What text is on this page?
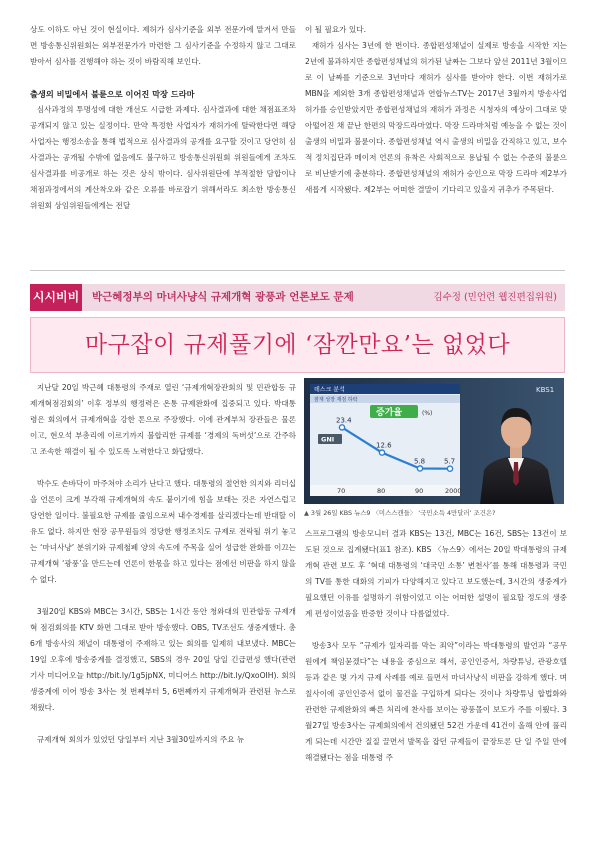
상도 이하도 아닌 것이 현실이다. 제허가 심사기준을 외부 전문가에 맡겨서 만들면 방송통신위원회는 외부전문가가 마련한 그 심사기준을 수정하지 않고 그대로 받아서 심사를 진행해야 하는 것이 바람직해 보인다.

출생의 비밀에서 불륜으로 이어진 막장 드라마

심사과정의 투명성에 대한 개선도 시급한 과제다. 심사결과에 대한 채점표조차 공개되지 않고 있는 실정이다. 만약 특정한 사업자가 재허가에 탈락한다면 해당 사업자는 행정소송을 통해 법적으로 심사결과의 공개를 요구할 것이고 당연히 심사결과는 공개될 수밖에 없음에도 불구하고 방송통신위원회 위원들에게 조차도 심사결과를 비공개로 하는 것은 상식 밖이다. 심사위원단에 부적절한 담합이나 채점과정에서의 계산착오와 같은 오류를 바로잡기 위해서라도 최소한 방송통신위원회 상임위원들에게는 전달

이 될 필요가 있다.

재허가 심사는 3년에 한 번이다. 종합편성채널이 실제로 방송을 시작한 지는 2년에 불과하지만 종합편성채널의 허가된 날짜는 그보다 앞선 2011년 3월이므로 이 날짜를 기준으로 3년마다 재허가 심사를 받아야 한다. 이번 재허가로 MBN을 제외한 3개 종합편성채널과 연합뉴스TV는 2017년 3월까지 방송사업 허가를 승인받았지만 종합편성채널의 재허가 과정은 시청자의 예상이 그대로 맞아떨어진 채 끝난 한편의 막장드라마였다. 막장 드라마처럼 예능을 수 없는 것이 출생의 비밀과 불륜이다. 종합편성채널 역시 출생의 비밀을 간직하고 있고, 보수적 정치집단과 메이저 언론의 유착은 사회적으로 용납될 수 없는 수준의 불륜으로 비난받기에 충분하다. 종합편성채널의 재허가 승인으로 막장 드라마 제2부가 새롭게 시작됐다. 제2부는 어떠한 결말이 기다리고 있을지 귀추가 주목된다.

시시비비 박근혜정부의 마녀사냥식 규제개혁 광풍과 언론보도 문제	김수정 (민언련 웹진편집위원)
마구잡이 규제풀기에 ‘잠깐만요’는 없었다

지난달 20일 박근혜 대통령의 주재로 열린 ‘규제개혁장관회의 및 민관합동 규제개혁점검회의’ 이후 정부의 행정력은 온통 규제완화에 집중되고 있다. 박대통령은 회의에서 규제개혁을 강한 톤으로 주장했다. 이에 관계부처 장관들은 물론이고, 현오석 부총리에 이르기까지 불합리한 규제를 ‘경제의 독버섯’으로 간주하고 조속한 해결이 될 수 있도록 노력한다고 화답했다.

박수도 손바닥이 마주쳐야 소리가 난다고 했다. 대통령의 절연한 의지와 리더십을 언론이 크게 부각해 규제개혁의 속도 붙이기에 힘을 보태는 것은 자연스럽고 당연한 일이다. 불필요한 규제를 줄임으로써 내수경제를 살리겠다는데 반대할 이유도 없다. 하지만 현장 공무원들의 정당한 행정조치도 규제로 전락될 위기 놓고는 ‘마녀사냥’ 분위기와 규제철폐 양의 속도에 주목을 실어 성급한 완화를 이끄는 규제개혁 ‘광풍’을 만드는데 언론이 한몫을 하고 있다는 점에선 비판을 하지 않을 수 없다.

3월20일 KBS와 MBC는 3시간, SBS는 1시간 동안 청와대의 민관합동 규제개혁 점검회의를 KTV 화면 그대로 받아 방송했다. OBS, TV조선도 생중계했다. 총 6개 방송사의 채널이 대통령이 주재하고 있는 회의를 일제히 내보냈다. MBC는 19일 오후에 방송중계를 결정했고, SBS의 경우 20일 당일 긴급편성 했다(관련기사 미디어오늘 http://bit.ly/1g5jpNX, 미디어스 http://bit.ly/QxoOIH). 회의 생중계에 이어 방송 3사는 첫 번째부터 5, 6번째까지 규제개혁과 관련된 뉴스로 채웠다.

규제개혁 회의가 있었던 당일부터 지난 3월30일까지의 주요 뉴

스프로그램의 방송모니터 결과 KBS는 13건, MBC는 16건, SBS는 13건이 보도된 것으로 집계됐다(표1 참조). KBS 〈뉴스9〉에서는 20일 박대통령의 규제개혁 관련 보도 후 ‘혁대 대통령의 ‘대국민 소통’ 변천사’를 통해 대통령과 국민의 TV를 통한 대화의 기피가 다양해지고 있다고 보도했는데, 3시간의 생중계가 필요했던 이유를 설명하기 위함이었고 이는 어떠한 설명이 필요할 정도의 생중계 편성이었음을 반증한 것이나 다름없었다.

방송3사 모두 “규제가 일자리를 막는 죄악”이라는 박대통령의 발언과 “공무원에게 책임묻겠다”는 내용을 중심으로 해서, 공인인증서, 차량튜닝, 관광호텔 등과 같은 몇 가지 규제 사례를 예로 들면서 마녀사냥식 비판을 강하게 했다. 며칠사이에 공인인증서 없이 물건을 구입하게 되다는 것이나 차량튜닝 합법화와 관련한 규제완화의 빠른 처리에 찬사를 보이는 광풍몰이 보도가 주를 이뤘다. 3월27일 방송3사는 규제회의에서 건의됐던 52건 가운데 41건이 올해 안에 풀리게 되는데 시간만 질질 끌면서 발목을 잡던 규제들이 끝장토론 단 일 주일 만에 해결됐다는 점을 대통령 주

데스크 분석
잠재 성장 재검 하락
증가율	(%)
GNI
23.4
12.6
5.8	5.7
70	80	90	2000
KBS1
▲ 3월 26일 KBS 뉴스9 〈미스스캔들〉 ‘국민소득 4만달러’ 조건은?
